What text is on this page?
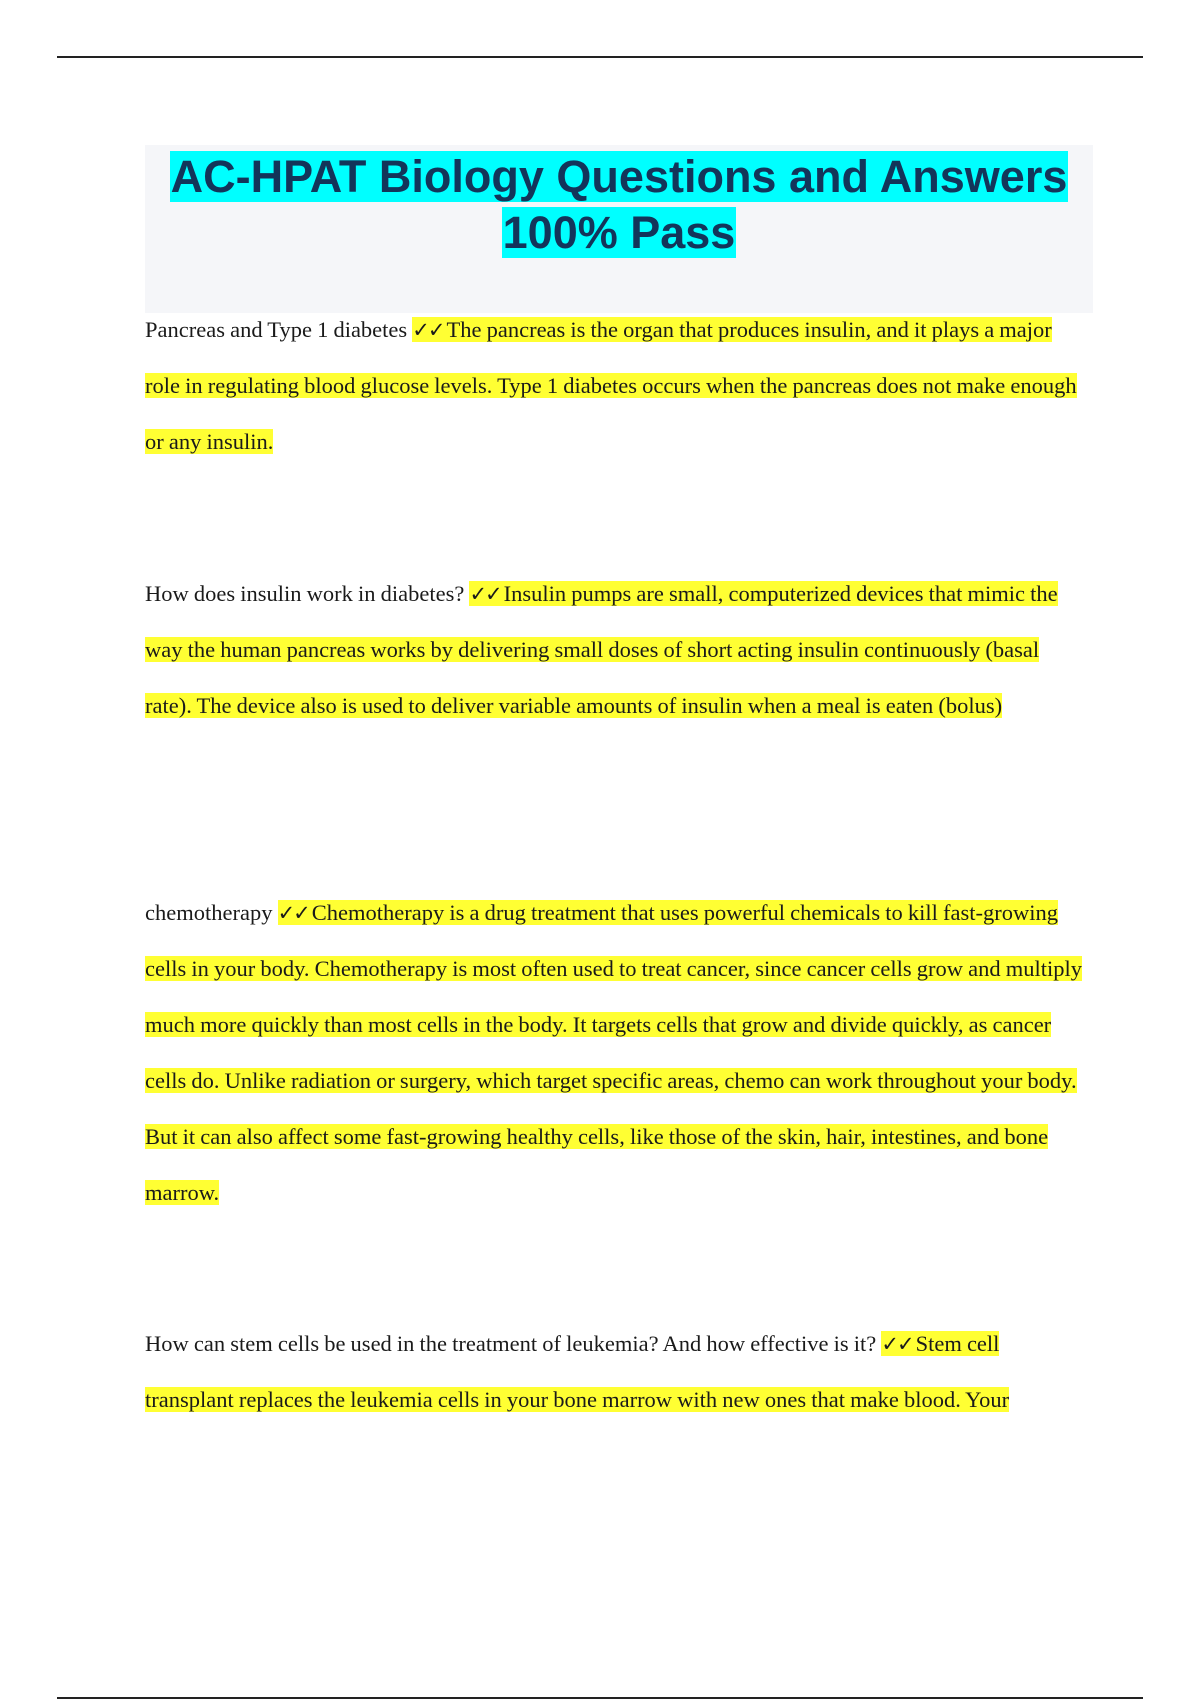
AC-HPAT Biology Questions and Answers 100% Pass

Pancreas and Type 1 diabetes ✓✓ The pancreas is the organ that produces insulin, and it plays a major role in regulating blood glucose levels. Type 1 diabetes occurs when the pancreas does not make enough or any insulin.

How does insulin work in diabetes? ✓✓ Insulin pumps are small, computerized devices that mimic the way the human pancreas works by delivering small doses of short acting insulin continuously (basal rate). The device also is used to deliver variable amounts of insulin when a meal is eaten (bolus)

chemotherapy ✓✓ Chemotherapy is a drug treatment that uses powerful chemicals to kill fast-growing cells in your body. Chemotherapy is most often used to treat cancer, since cancer cells grow and multiply much more quickly than most cells in the body. It targets cells that grow and divide quickly, as cancer cells do. Unlike radiation or surgery, which target specific areas, chemo can work throughout your body. But it can also affect some fast-growing healthy cells, like those of the skin, hair, intestines, and bone marrow.

How can stem cells be used in the treatment of leukemia? And how effective is it? ✓✓ Stem cell transplant replaces the leukemia cells in your bone marrow with new ones that make blood. Your
